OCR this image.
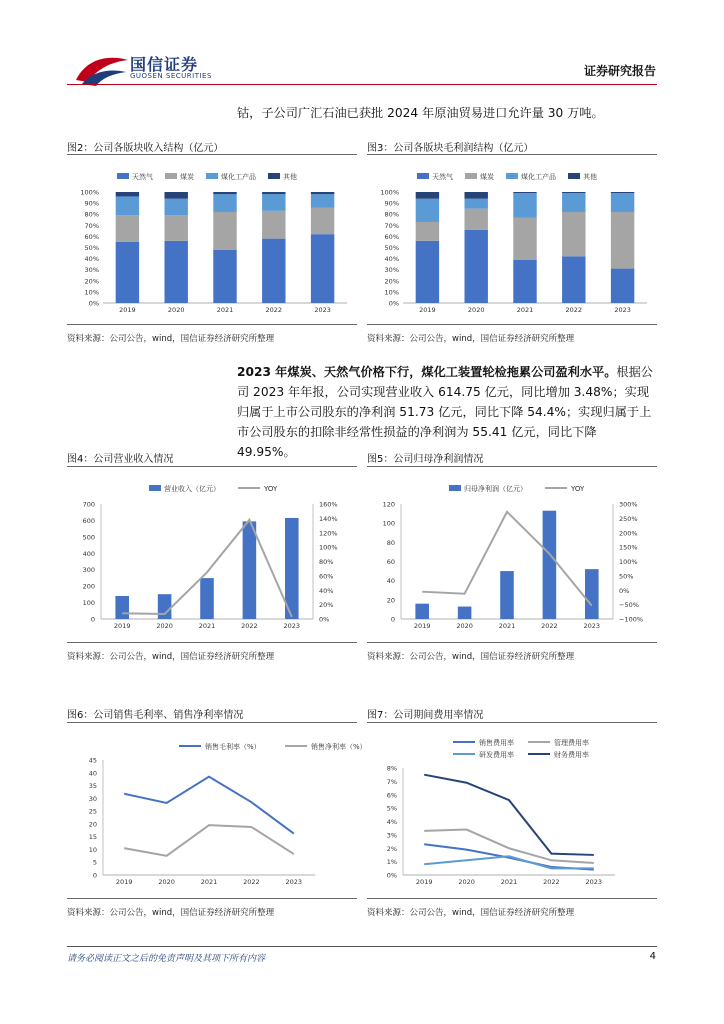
国信证券
GUOSEN SECURITIES	证券研究报告
钴，子公司广汇石油已获批 2024 年原油贸易进口允许量 30 万吨。
图2：公司各版块收入结构（亿元）
天然气	煤炭	煤化工产品	其他
0%
10%
20%
30%
40%
50%
60%
70%
80%
90%
100%
2019	2020	2021	2022	2023
资料来源：公司公告，wind，国信证券经济研究所整理
图3：公司各版块毛利润结构（亿元）
天然气	煤炭	煤化工产品	其他
0%
10%
20%
30%
40%
50%
60%
70%
80%
90%
100%
2019	2020	2021	2022	2023
资料来源：公司公告，wind，国信证券经济研究所整理
2023 年煤炭、天然气价格下行，煤化工装置轮检拖累公司盈利水平。根据公司 2023 年年报，公司实现营业收入 614.75 亿元，同比增加 3.48%；实现归属于上市公司股东的净利润 51.73 亿元，同比下降 54.4%；实现归属于上市公司股东的扣除非经常性损益的净利润为 55.41 亿元，同比下降 49.95%。
图4：公司营业收入情况
营业收入（亿元）	YOY
0
100
200
300
400
500
600
700
0%
20%
40%
60%
80%
100%
120%
140%
160%
2019	2020	2021	2022	2023
资料来源：公司公告，wind，国信证券经济研究所整理
图5：公司归母净利润情况
归母净利润（亿元）	YOY
0
20
40
60
80
100
120
−100%
−50%
0%
50%
100%
150%
200%
250%
300%
2019	2020	2021	2022	2023
资料来源：公司公告，wind，国信证券经济研究所整理
图6：公司销售毛利率、销售净利率情况
销售毛利率（%）	销售净利率（%）
0
5
10
15
20
25
30
35
40
45
2019	2020	2021	2022	2023
资料来源：公司公告，wind，国信证券经济研究所整理
图7：公司期间费用率情况
销售费用率	管理费用率
研发费用率	财务费用率
0%
1%
2%
3%
4%
5%
6%
7%
8%
2019	2020	2021	2022	2023
资料来源：公司公告，wind，国信证券经济研究所整理
请务必阅读正文之后的免责声明及其项下所有内容	4
